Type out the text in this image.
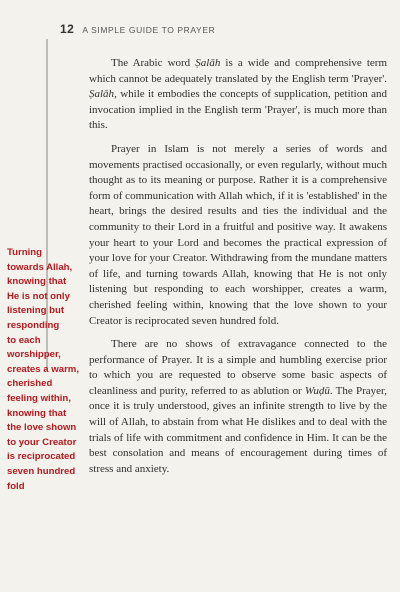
12 A SIMPLE GUIDE TO PRAYER
Turning
towards Allah,
knowing that
He is not only
listening but
responding
to each
worshipper,
creates a warm,
cherished
feeling within,
knowing that
the love shown
to your Creator
is reciprocated
seven hundred
fold

The Arabic word Ṣalāh is a wide and comprehensive term which cannot be adequately translated by the English term 'Prayer'. Ṣalāh, while it embodies the concepts of supplication, petition and invocation implied in the English term 'Prayer', is much more than this.

Prayer in Islam is not merely a series of words and movements practised occasionally, or even regularly, without much thought as to its meaning or purpose. Rather it is a comprehensive form of communication with Allah which, if it is 'established' in the heart, brings the desired results and ties the individual and the community to their Lord in a fruitful and positive way. It awakens your heart to your Lord and becomes the practical expression of your love for your Creator. Withdrawing from the mundane matters of life, and turning towards Allah, knowing that He is not only listening but responding to each worshipper, creates a warm, cherished feeling within, knowing that the love shown to your Creator is reciprocated seven hundred fold.

There are no shows of extravagance connected to the performance of Prayer. It is a simple and humbling exercise prior to which you are requested to observe some basic aspects of cleanliness and purity, referred to as ablution or Wuḍū. The Prayer, once it is truly understood, gives an infinite strength to live by the will of Allah, to abstain from what He dislikes and to deal with the trials of life with commitment and confidence in Him. It can be the best consolation and means of encouragement during times of stress and anxiety.
